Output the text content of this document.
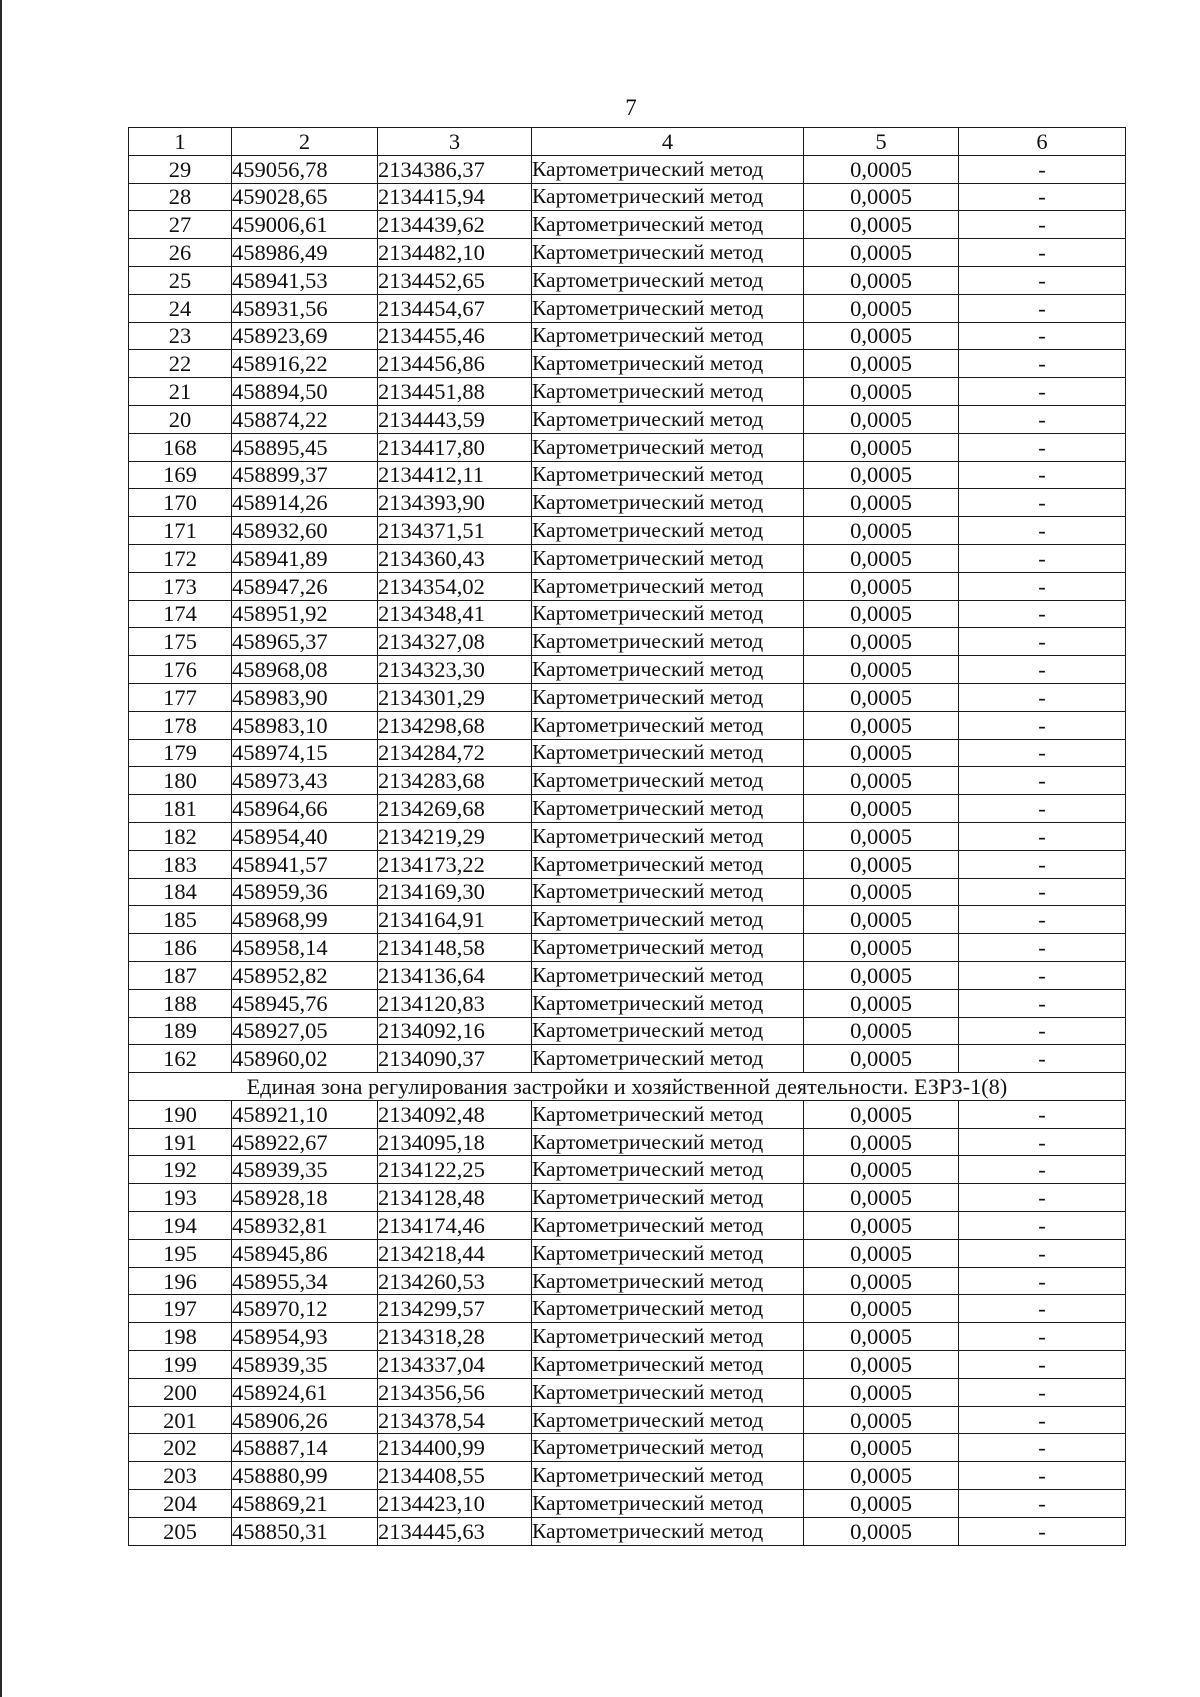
7
1	2	3	4	5	6
29	459056,78	2134386,37	Картометрический метод	0,0005	-
28	459028,65	2134415,94	Картометрический метод	0,0005	-
27	459006,61	2134439,62	Картометрический метод	0,0005	-
26	458986,49	2134482,10	Картометрический метод	0,0005	-
25	458941,53	2134452,65	Картометрический метод	0,0005	-
24	458931,56	2134454,67	Картометрический метод	0,0005	-
23	458923,69	2134455,46	Картометрический метод	0,0005	-
22	458916,22	2134456,86	Картометрический метод	0,0005	-
21	458894,50	2134451,88	Картометрический метод	0,0005	-
20	458874,22	2134443,59	Картометрический метод	0,0005	-
168	458895,45	2134417,80	Картометрический метод	0,0005	-
169	458899,37	2134412,11	Картометрический метод	0,0005	-
170	458914,26	2134393,90	Картометрический метод	0,0005	-
171	458932,60	2134371,51	Картометрический метод	0,0005	-
172	458941,89	2134360,43	Картометрический метод	0,0005	-
173	458947,26	2134354,02	Картометрический метод	0,0005	-
174	458951,92	2134348,41	Картометрический метод	0,0005	-
175	458965,37	2134327,08	Картометрический метод	0,0005	-
176	458968,08	2134323,30	Картометрический метод	0,0005	-
177	458983,90	2134301,29	Картометрический метод	0,0005	-
178	458983,10	2134298,68	Картометрический метод	0,0005	-
179	458974,15	2134284,72	Картометрический метод	0,0005	-
180	458973,43	2134283,68	Картометрический метод	0,0005	-
181	458964,66	2134269,68	Картометрический метод	0,0005	-
182	458954,40	2134219,29	Картометрический метод	0,0005	-
183	458941,57	2134173,22	Картометрический метод	0,0005	-
184	458959,36	2134169,30	Картометрический метод	0,0005	-
185	458968,99	2134164,91	Картометрический метод	0,0005	-
186	458958,14	2134148,58	Картометрический метод	0,0005	-
187	458952,82	2134136,64	Картометрический метод	0,0005	-
188	458945,76	2134120,83	Картометрический метод	0,0005	-
189	458927,05	2134092,16	Картометрический метод	0,0005	-
162	458960,02	2134090,37	Картометрический метод	0,0005	-
Единая зона регулирования застройки и хозяйственной деятельности. ЕЗРЗ-1(8)					
190	458921,10	2134092,48	Картометрический метод	0,0005	-
191	458922,67	2134095,18	Картометрический метод	0,0005	-
192	458939,35	2134122,25	Картометрический метод	0,0005	-
193	458928,18	2134128,48	Картометрический метод	0,0005	-
194	458932,81	2134174,46	Картометрический метод	0,0005	-
195	458945,86	2134218,44	Картометрический метод	0,0005	-
196	458955,34	2134260,53	Картометрический метод	0,0005	-
197	458970,12	2134299,57	Картометрический метод	0,0005	-
198	458954,93	2134318,28	Картометрический метод	0,0005	-
199	458939,35	2134337,04	Картометрический метод	0,0005	-
200	458924,61	2134356,56	Картометрический метод	0,0005	-
201	458906,26	2134378,54	Картометрический метод	0,0005	-
202	458887,14	2134400,99	Картометрический метод	0,0005	-
203	458880,99	2134408,55	Картометрический метод	0,0005	-
204	458869,21	2134423,10	Картометрический метод	0,0005	-
205	458850,31	2134445,63	Картометрический метод	0,0005	-
